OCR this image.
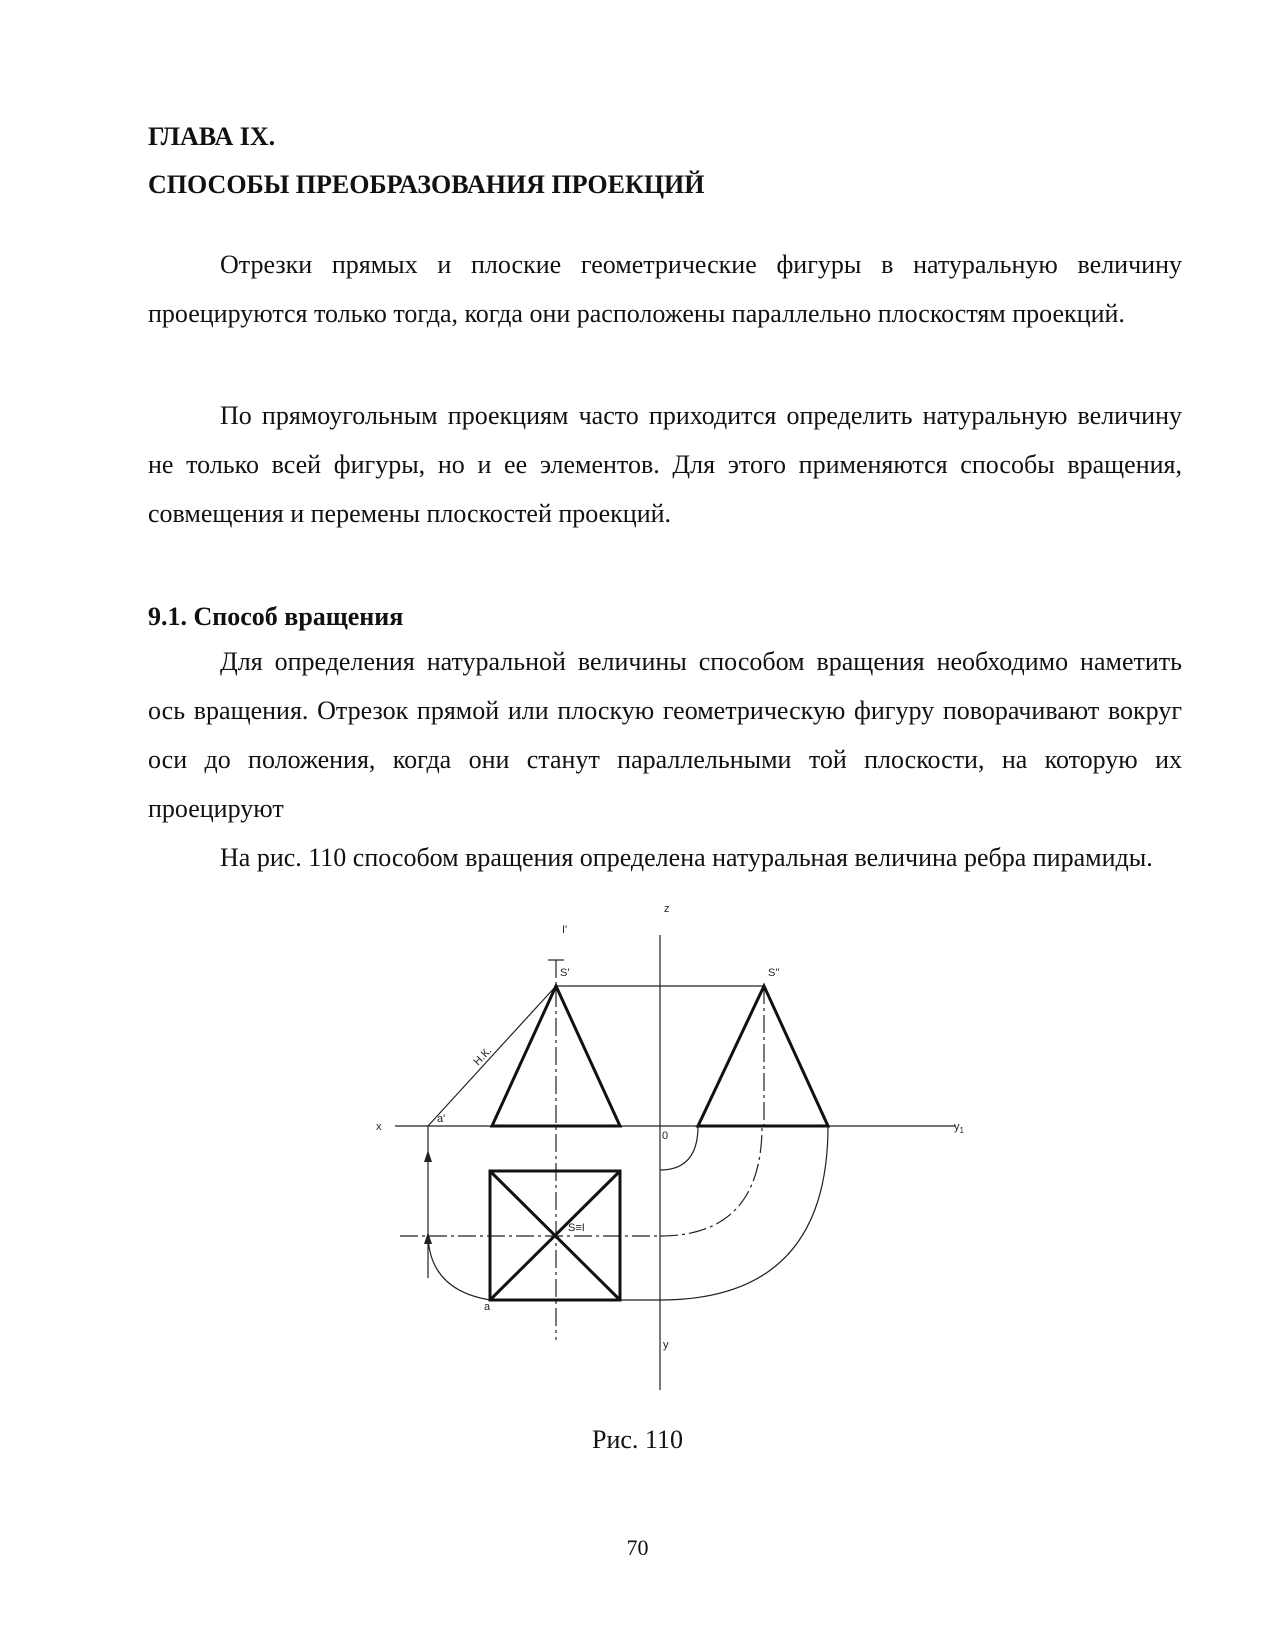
ГЛАВА IX.
СПОСОБЫ ПРЕОБРАЗОВАНИЯ ПРОЕКЦИЙ

Отрезки прямых и плоские геометрические фигуры в натуральную величину проецируются только тогда, когда они расположены параллельно плоскостям проекций.

По прямоугольным проекциям часто приходится определить натуральную величину не только всей фигуры, но и ее элементов. Для этого применяются способы вращения, совмещения и перемены плоскостей проекций.

9.1. Способ вращения

Для определения натуральной величины способом вращения необходимо наметить ось вращения. Отрезок прямой или плоскую геометрическую фигуру поворачивают вокруг оси до положения, когда они станут параллельными той плоскости, на которую их проецируют

На рис. 110 способом вращения определена натуральная величина ребра пирамиды.

z
I'
S'	S''
Н.К.
x
a'
0
$y_1$
S≡I
a
y

Рис. 110

70
